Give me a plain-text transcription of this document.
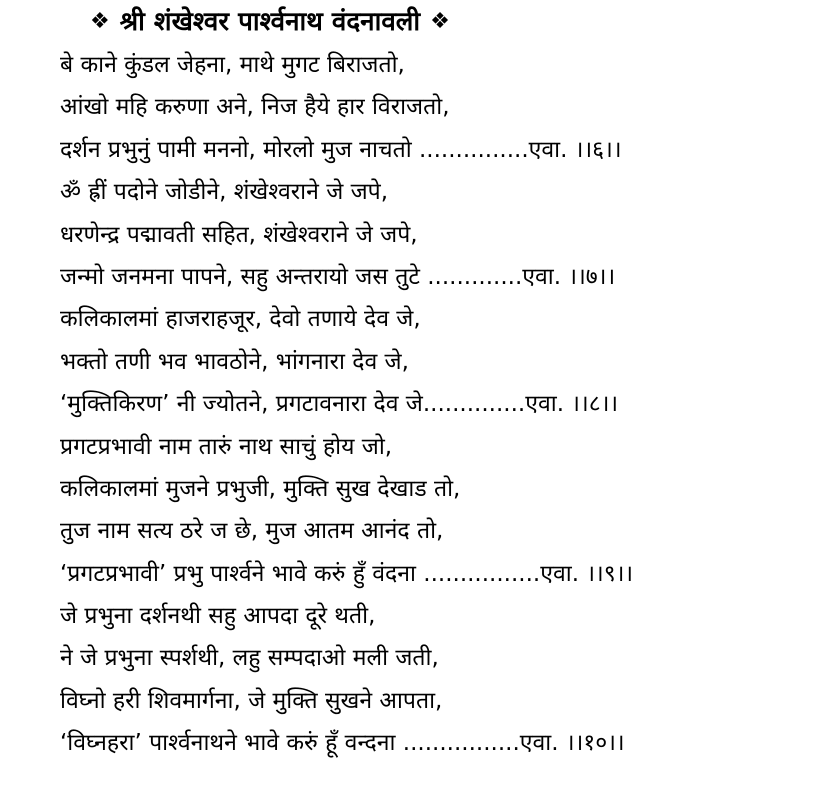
❖ श्री शंखेश्वर पार्श्वनाथ वंदनावली ❖
बे काने कुंडल जेहना, माथे मुगट बिराजतो,
आंखो महि करुणा अने, निज हैये हार विराजतो,
दर्शन प्रभुनुं पामी मननो, मोरलो मुज नाचतो ...............एवा. ।।६।।
ॐ ह्रीं पदोने जोडीने, शंखेश्वराने जे जपे,
धरणेन्द्र पद्मावती सहित, शंखेश्वराने जे जपे,
जन्मो जनमना पापने, सहु अन्तरायो जस तुटे .............एवा. ।।७।।
कलिकालमां हाजराहजूर, देवो तणाये देव जे,
भक्तो तणी भव भावठोने, भांगनारा देव जे,
‘मुक्तिकिरण’ नी ज्योतने, प्रगटावनारा देव जे..............एवा. ।।८।।
प्रगटप्रभावी नाम तारुं नाथ साचुं होय जो,
कलिकालमां मुजने प्रभुजी, मुक्ति सुख देखाड तो,
तुज नाम सत्य ठरे ज छे, मुज आतम आनंद तो,
‘प्रगटप्रभावी’ प्रभु पार्श्वने भावे करुं हुँ वंदना ................एवा. ।।९।।
जे प्रभुना दर्शनथी सहु आपदा दूरे थती,
ने जे प्रभुना स्पर्शथी, लहु सम्पदाओ मली जती,
विघ्नो हरी शिवमार्गना, जे मुक्ति सुखने आपता,
‘विघ्नहरा’ पार्श्वनाथने भावे करुं हूँ वन्दना ................एवा. ।।१०।।
